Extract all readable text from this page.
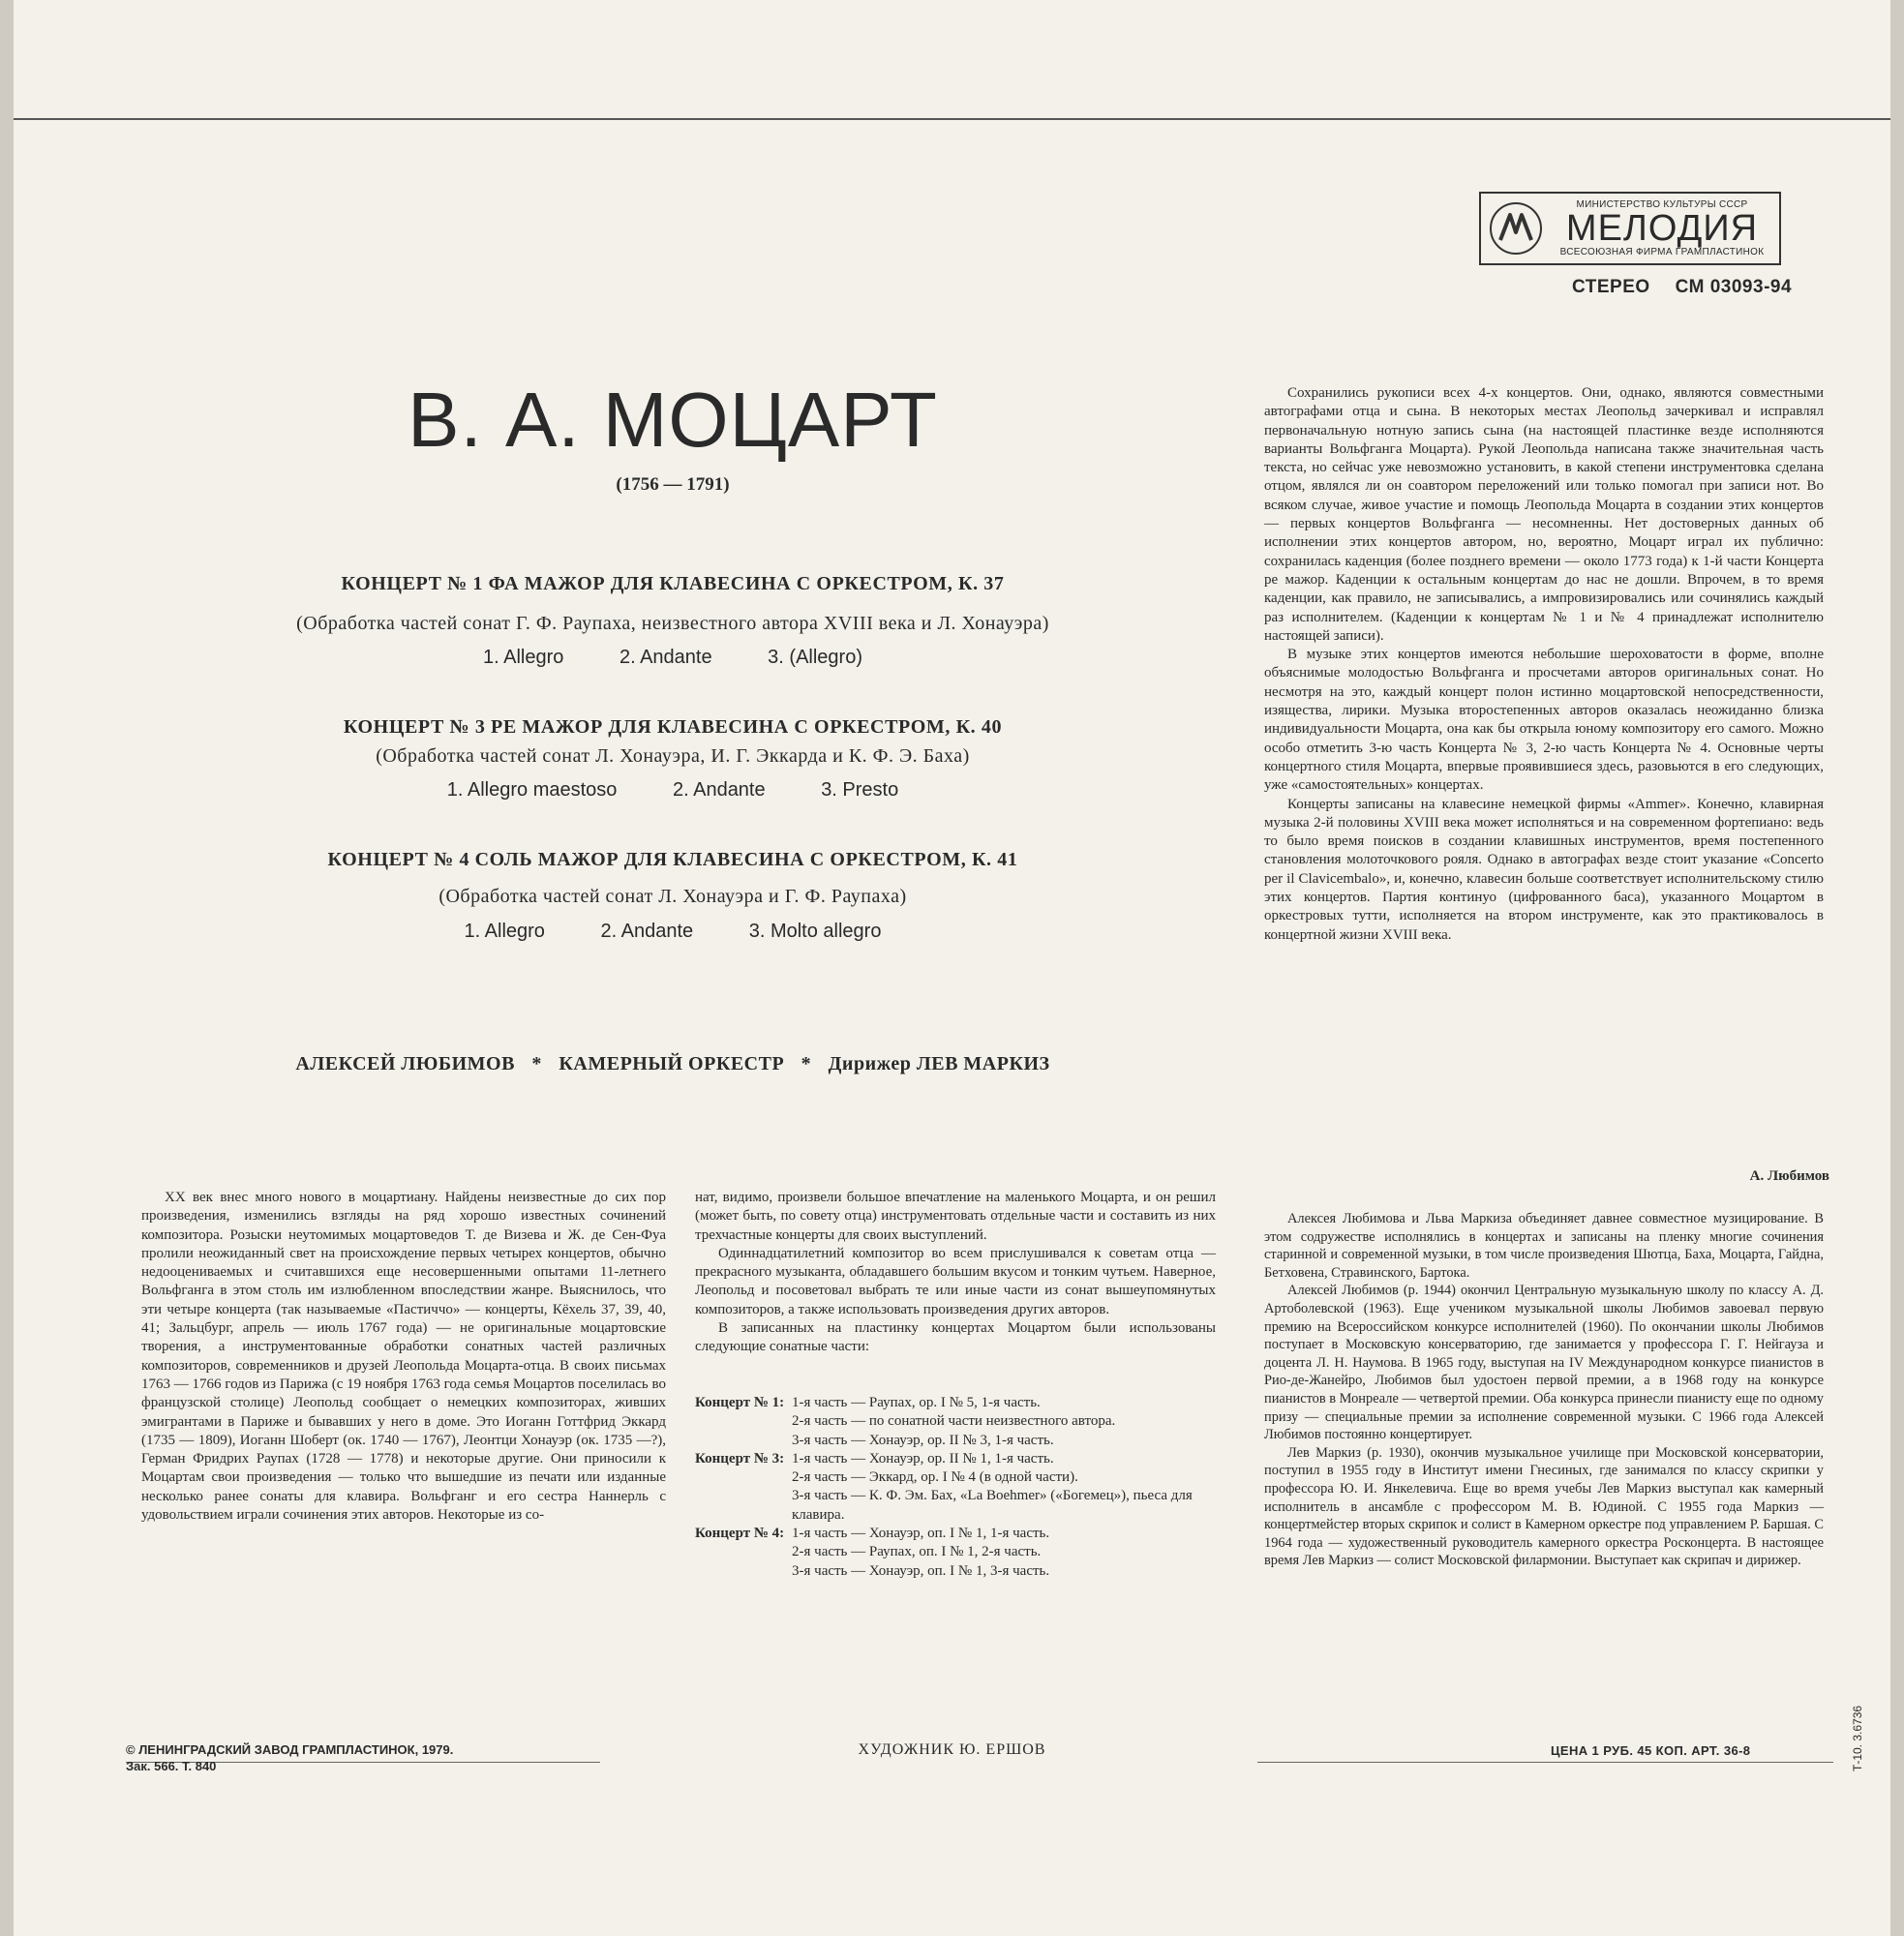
МИНИСТЕРСТВО КУЛЬТУРЫ СССР
МЕЛОДИЯ
ВСЕСОЮЗНАЯ ФИРМА ГРАМПЛАСТИНОК
СТЕРЕО СМ 03093-94
В. А. МОЦАРТ
(1756 — 1791)
КОНЦЕРТ № 1 ФА МАЖОР ДЛЯ КЛАВЕСИНА С ОРКЕСТРОМ, К. 37
(Обработка частей сонат Г. Ф. Раупаха, неизвестного автора XVIII века и Л. Хонауэра)
1. Allegro	2. Andante	3. (Allegro)
КОНЦЕРТ № 3 РЕ МАЖОР ДЛЯ КЛАВЕСИНА С ОРКЕСТРОМ, К. 40
(Обработка частей сонат Л. Хонауэра, И. Г. Эккарда и К. Ф. Э. Баха)
1. Allegro maestoso	2. Andante	3. Presto
КОНЦЕРТ № 4 СОЛЬ МАЖОР ДЛЯ КЛАВЕСИНА С ОРКЕСТРОМ, К. 41
(Обработка частей сонат Л. Хонауэра и Г. Ф. Раупаха)
1. Allegro	2. Andante	3. Molto allegro
АЛЕКСЕЙ ЛЮБИМОВ * КАМЕРНЫЙ ОРКЕСТР * Дирижер ЛЕВ МАРКИЗ

XX век внес много нового в моцартиану. Найдены неизвестные до сих пор произведения, изменились взгляды на ряд хорошо известных сочинений композитора. Розыски неутомимых моцартоведов Т. де Визева и Ж. де Сен-Фуа пролили неожиданный свет на происхождение первых четырех концертов, обычно недооцениваемых и считавшихся еще несовершенными опытами 11-летнего Вольфганга в этом столь им излюбленном впоследствии жанре. Выяснилось, что эти четыре концерта (так называемые «Пастиччо» — концерты, Кёхель 37, 39, 40, 41; Зальцбург, апрель — июль 1767 года) — не оригинальные моцартовские творения, а инструментованные обработки сонатных частей различных композиторов, современников и друзей Леопольда Моцарта-отца. В своих письмах 1763 — 1766 годов из Парижа (с 19 ноября 1763 года семья Моцартов поселилась во французской столице) Леопольд сообщает о немецких композиторах, живших эмигрантами в Париже и бывавших у него в доме. Это Иоганн Готтфрид Эккард (1735 — 1809), Иоганн Шоберт (ок. 1740 — 1767), Леонтци Хонауэр (ок. 1735 —?), Герман Фридрих Раупах (1728 — 1778) и некоторые другие. Они приносили к Моцартам свои произведения — только что вышедшие из печати или изданные несколько ранее сонаты для клавира. Вольфганг и его сестра Наннерль с удовольствием играли сочинения этих авторов. Некоторые из со-

нат, видимо, произвели большое впечатление на маленького Моцарта, и он решил (может быть, по совету отца) инструментовать отдельные части и составить из них трехчастные концерты для своих выступлений.

Одиннадцатилетний композитор во всем прислушивался к советам отца — прекрасного музыканта, обладавшего большим вкусом и тонким чутьем. Наверное, Леопольд и посоветовал выбрать те или иные части из сонат вышеупомянутых композиторов, а также использовать произведения других авторов.

В записанных на пластинку концертах Моцартом были использованы следующие сонатные части:

Концерт № 1: 1-я часть — Раупах, ор. I № 5, 1-я часть.
2-я часть — по сонатной части неизвестного автора.
3-я часть — Хонауэр, ор. II № 3, 1-я часть.
Концерт № 3: 1-я часть — Хонауэр, ор. II № 1, 1-я часть.
2-я часть — Эккард, ор. I № 4 (в одной части).
3-я часть — К. Ф. Эм. Бах, «La Boehmer» («Богемец»), пьеса для клавира.
Концерт № 4: 1-я часть — Хонауэр, оп. I № 1, 1-я часть.
2-я часть — Раупах, оп. I № 1, 2-я часть.
3-я часть — Хонауэр, оп. I № 1, 3-я часть.

Сохранились рукописи всех 4-х концертов. Они, однако, являются совместными автографами отца и сына. В некоторых местах Леопольд зачеркивал и исправлял первоначальную нотную запись сына (на настоящей пластинке везде исполняются варианты Вольфганга Моцарта). Рукой Леопольда написана также значительная часть текста, но сейчас уже невозможно установить, в какой степени инструментовка сделана отцом, являлся ли он соавтором переложений или только помогал при записи нот. Во всяком случае, живое участие и помощь Леопольда Моцарта в создании этих концертов — первых концертов Вольфганга — несомненны. Нет достоверных данных об исполнении этих концертов автором, но, вероятно, Моцарт играл их публично: сохранилась каденция (более позднего времени — около 1773 года) к 1-й части Концерта ре мажор. Каденции к остальным концертам до нас не дошли. Впрочем, в то время каденции, как правило, не записывались, а импровизировались или сочинялись каждый раз исполнителем. (Каденции к концертам № 1 и № 4 принадлежат исполнителю настоящей записи).

В музыке этих концертов имеются небольшие шероховатости в форме, вполне объяснимые молодостью Вольфганга и просчетами авторов оригинальных сонат. Но несмотря на это, каждый концерт полон истинно моцартовской непосредственности, изящества, лирики. Музыка второстепенных авторов оказалась неожиданно близка индивидуальности Моцарта, она как бы открыла юному композитору его самого. Можно особо отметить 3-ю часть Концерта № 3, 2-ю часть Концерта № 4. Основные черты концертного стиля Моцарта, впервые проявившиеся здесь, разовьются в его следующих, уже «самостоятельных» концертах.

Концерты записаны на клавесине немецкой фирмы «Ammer». Конечно, клавирная музыка 2-й половины XVIII века может исполняться и на современном фортепиано: ведь то было время поисков в создании клавишных инструментов, время постепенного становления молоточкового рояля. Однако в автографах везде стоит указание «Concerto per il Clavicembalo», и, конечно, клавесин больше соответствует исполнительскому стилю этих концертов. Партия континуо (цифрованного баса), указанного Моцартом в оркестровых тутти, исполняется на втором инструменте, как это практиковалось в концертной жизни XVIII века.

А. Любимов

Алексея Любимова и Льва Маркиза объединяет давнее совместное музицирование. В этом содружестве исполнялись в концертах и записаны на пленку многие сочинения старинной и современной музыки, в том числе произведения Шютца, Баха, Моцарта, Гайдна, Бетховена, Стравинского, Бартока.

Алексей Любимов (р. 1944) окончил Центральную музыкальную школу по классу А. Д. Артоболевской (1963). Еще учеником музыкальной школы Любимов завоевал первую премию на Всероссийском конкурсе исполнителей (1960). По окончании школы Любимов поступает в Московскую консерваторию, где занимается у профессора Г. Г. Нейгауза и доцента Л. Н. Наумова. В 1965 году, выступая на IV Международном конкурсе пианистов в Рио-де-Жанейро, Любимов был удостоен первой премии, а в 1968 году на конкурсе пианистов в Монреале — четвертой премии. Оба конкурса принесли пианисту еще по одному призу — специальные премии за исполнение современной музыки. С 1966 года Алексей Любимов постоянно концертирует.

Лев Маркиз (р. 1930), окончив музыкальное училище при Московской консерватории, поступил в 1955 году в Институт имени Гнесиных, где занимался по классу скрипки у профессора Ю. И. Янкелевича. Еще во время учебы Лев Маркиз выступал как камерный исполнитель в ансамбле с профессором М. В. Юдиной. С 1955 года Маркиз — концертмейстер вторых скрипок и солист в Камерном оркестре под управлением Р. Баршая. С 1964 года — художественный руководитель камерного оркестра Росконцерта. В настоящее время Лев Маркиз — солист Московской филармонии. Выступает как скрипач и дирижер.

© ЛЕНИНГРАДСКИЙ ЗАВОД ГРАМПЛАСТИНОК, 1979.
Зак. 566. Т. 840
ХУДОЖНИК Ю. ЕРШОВ	ЦЕНА 1 РУБ. 45 КОП. АРТ. 36-8	Т-10. 3.6736
